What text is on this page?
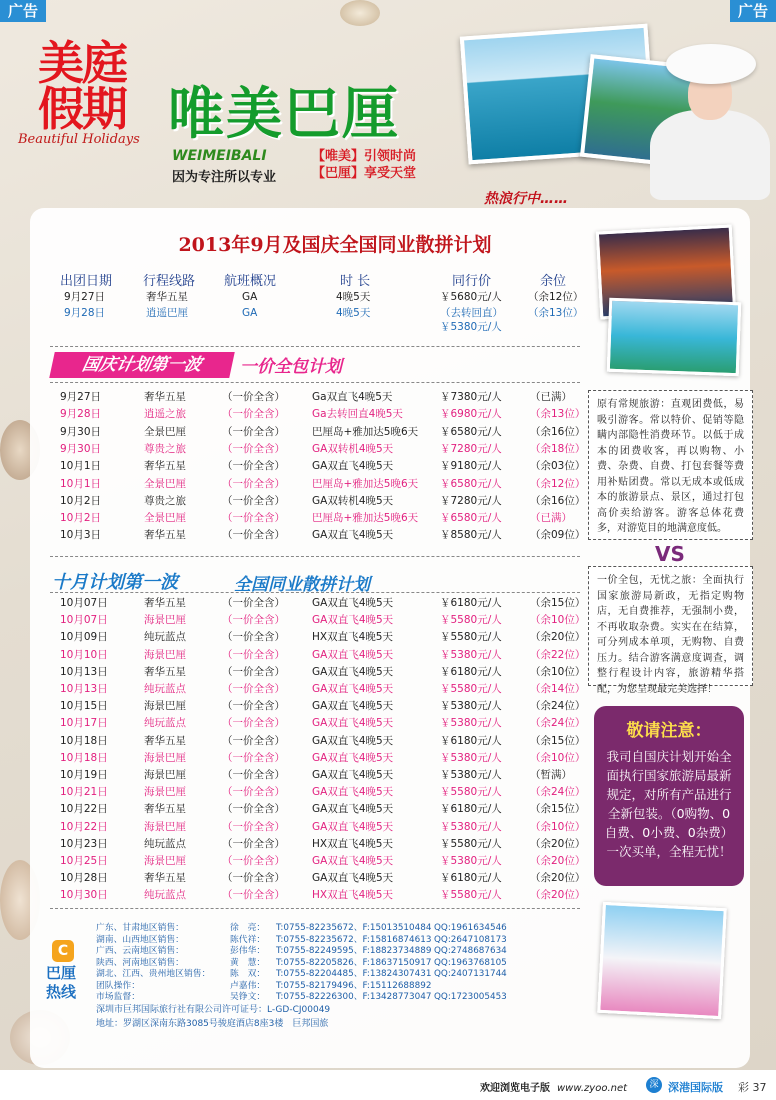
广告	广告
美庭
假期
Beautiful Holidays 唯美巴厘
WEIMEIBALI
因为专注所以专业
【唯美】引领时尚
【巴厘】享受天堂
热浪行中……
2013年9月及国庆全国同业散拼计划
出团日期 行程线路 航班概况	时 长	同行价	余位
9月27日	奢华五星	GA	4晚5天	￥5680元/人 （余12位）
9月28日	逍遥巴厘	GA	4晚5天	（去转回直） （余13位）
￥5380元/人
国庆计划第一波	一价全包计划
9月27日	奢华五星	（一价全含）	Ga双直飞4晚5天	￥7380元/人	（已满）
9月28日	逍遥之旅	（一价全含）	Ga去转回直4晚5天	￥6980元/人	（余13位）
9月30日	全景巴厘	（一价全含）	巴厘岛+雅加达5晚6天 ￥6580元/人	（余16位）
9月30日	尊贵之旅	（一价全含）	GA双转机4晚5天	￥7280元/人	（余18位）
10月1日	奢华五星	（一价全含）	GA双直飞4晚5天	￥9180元/人	（余03位）
10月1日	全景巴厘	（一价全含）	巴厘岛+雅加达5晚6天 ￥6580元/人	（余12位）
10月2日	尊贵之旅	（一价全含）	GA双转机4晚5天	￥7280元/人	（余16位）
10月2日	全景巴厘	（一价全含）	巴厘岛+雅加达5晚6天 ￥6580元/人	（已满）
10月3日	奢华五星	（一价全含）	GA双直飞4晚5天	￥8580元/人	（余09位）
十月计划第一波	全国同业散拼计划
10月07日	奢华五星	（一价全含）	GA双直飞4晚5天	￥6180元/人	（余15位）
10月07日	海景巴厘	（一价全含）	GA双直飞4晚5天	￥5580元/人	（余10位）
10月09日	纯玩蓝点	（一价全含）	HX双直飞4晚5天	￥5580元/人	（余20位）
10月10日	海景巴厘	（一价全含）	GA双直飞4晚5天	￥5380元/人	（余22位）
10月13日	奢华五星	（一价全含）	GA双直飞4晚5天	￥6180元/人	（余10位）
10月13日	纯玩蓝点	（一价全含）	GA双直飞4晚5天	￥5580元/人	（余14位）
10月15日	海景巴厘	（一价全含）	GA双直飞4晚5天	￥5380元/人	（余24位）
10月17日	纯玩蓝点	（一价全含）	GA双直飞4晚5天	￥5380元/人	（余24位）
10月18日	奢华五星	（一价全含）	GA双直飞4晚5天	￥6180元/人	（余15位）
10月18日	海景巴厘	（一价全含）	GA双直飞4晚5天	￥5380元/人	（余10位）
10月19日	海景巴厘	（一价全含）	GA双直飞4晚5天	￥5380元/人	（暂满）
10月21日	海景巴厘	（一价全含）	GA双直飞4晚5天	￥5580元/人	（余24位）
10月22日	奢华五星	（一价全含）	GA双直飞4晚5天	￥6180元/人	（余15位）
10月22日	海景巴厘	（一价全含）	GA双直飞4晚5天	￥5380元/人	（余10位）
10月23日	纯玩蓝点	（一价全含）	HX双直飞4晚5天	￥5580元/人	（余20位）
10月25日	海景巴厘	（一价全含）	GA双直飞4晚5天	￥5380元/人	（余20位）
10月28日	奢华五星	（一价全含）	GA双直飞4晚5天	￥6180元/人	（余20位）
10月30日	纯玩蓝点	（一价全含）	HX双直飞4晚5天	￥5580元/人	（余20位）
原有常规旅游：直观团费低，易吸引游客。常以特价、促销等隐瞒内部隐性消费环节。以低于成本的团费收客，再以购物、小费、杂费、自费、打包套餐等费用补贴团费。常以无成本或低成本的旅游景点、景区，通过打包高价卖给游客。游客总体花费多，对游览目的地满意度低。
VS
一价全包，无忧之旅：全面执行国家旅游局新政，无指定购物店，无自费推荐，无强制小费，不再收取杂费。实实在在结算，可分列成本单项，无购物、自费压力。结合游客满意度调查，调整行程设计内容，旅游精华搭配，为您呈现最完美选择！
敬请注意：

我司自国庆计划开始全面执行国家旅游局最新规定，对所有产品进行全新包装。（0购物、0自费、0小费、0杂费）一次买单，全程无忧！

C
巴厘
热线
广东、甘肃地区销售：	徐　亮： T:0755-82235672、F:15013510484 QQ:1961634546
湖南、山西地区销售：	陈代祥： T:0755-82235672、F:15816874613 QQ:2647108173
广西、云南地区销售：	彭伟华： T:0755-82249595、F:18823734889 QQ:2748687634
陕西、河南地区销售：	黄　慧： T:0755-82205826、F:18637150917 QQ:1963768105
湖北、江西、贵州地区销售： 陈　双： T:0755-82204485、F:13824307431 QQ:2407131744
团队操作：	卢嘉伟： T:0755-82179496、F:15112688892
市场监督：	吴铮文： T:0755-82226300、F:13428773047 QQ:1723005453
深圳市巨邦国际旅行社有限公司许可证号：L-GD-CJ00049
地址：罗湖区深南东路3085号骏庭酒店8座3楼　巨邦国旅
欢迎浏览电子版 www.zyoo.net	深 深港国际版 彩 37
